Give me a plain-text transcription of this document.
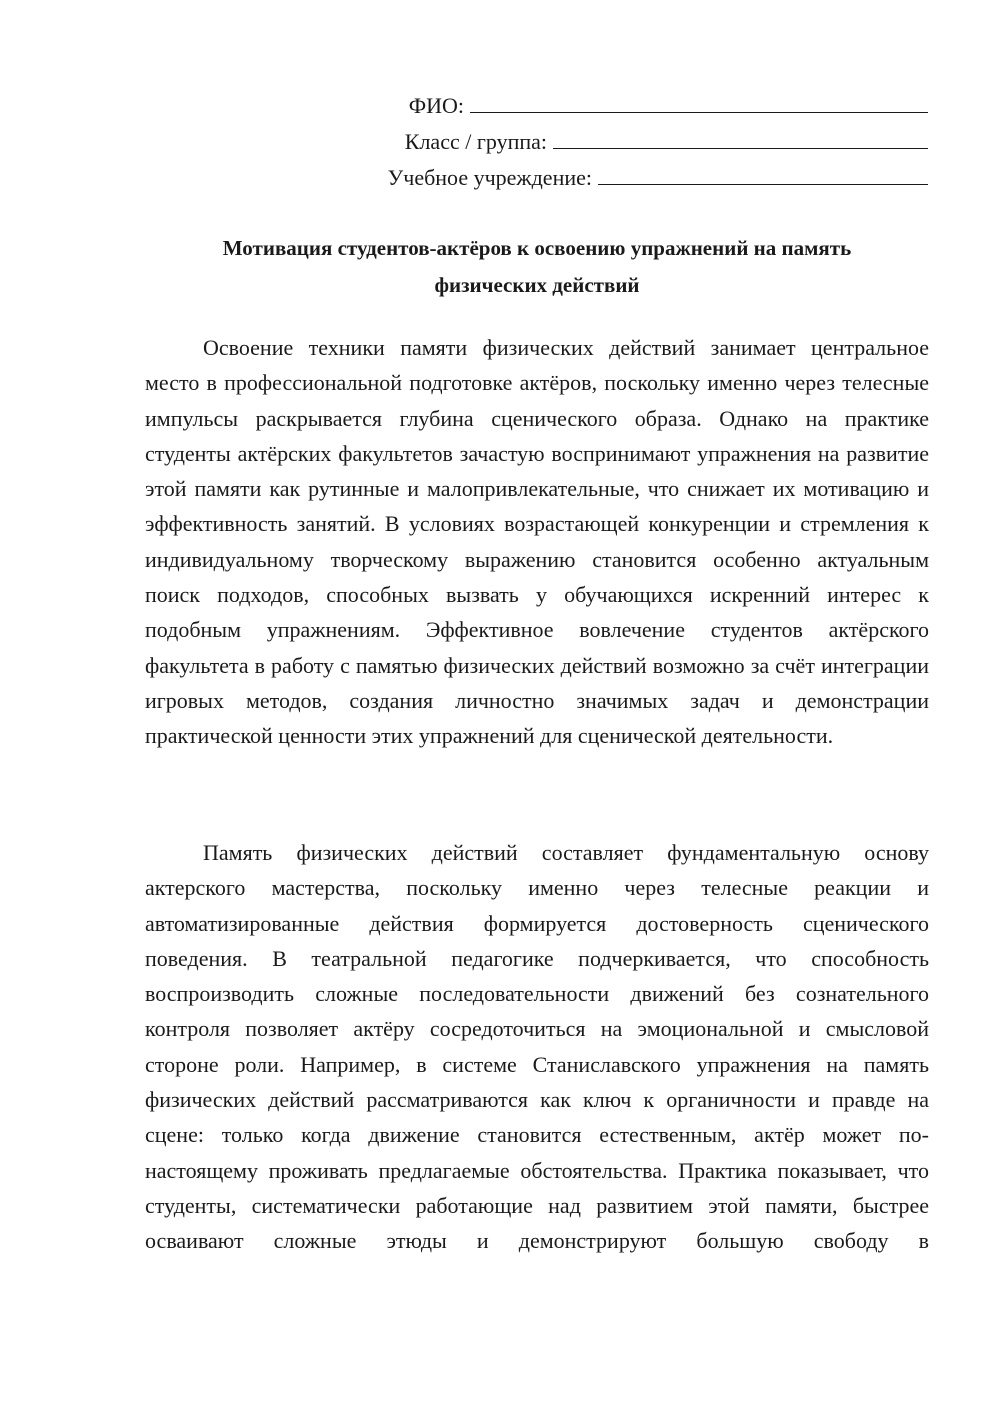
ФИО:
Класс / группа:
Учебное учреждение:
Мотивация студентов-актёров к освоению упражнений на память
физических действий

Освоение техники памяти физических действий занимает центральное место в профессиональной подготовке актёров, поскольку именно через телесные импульсы раскрывается глубина сценического образа. Однако на практике студенты актёрских факультетов зачастую воспринимают упражнения на развитие этой памяти как рутинные и малопривлекательные, что снижает их мотивацию и эффективность занятий. В условиях возрастающей конкуренции и стремления к индивидуальному творческому выражению становится особенно актуальным поиск подходов, способных вызвать у обучающихся искренний интерес к подобным упражнениям. Эффективное вовлечение студентов актёрского факультета в работу с памятью физических действий возможно за счёт интеграции игровых методов, создания личностно значимых задач и демонстрации практической ценности этих упражнений для сценической деятельности.

Память физических действий составляет фундаментальную основу актерского мастерства, поскольку именно через телесные реакции и автоматизированные действия формируется достоверность сценического поведения. В театральной педагогике подчеркивается, что способность воспроизводить сложные последовательности движений без сознательного контроля позволяет актёру сосредоточиться на эмоциональной и смысловой стороне роли. Например, в системе Станиславского упражнения на память физических действий рассматриваются как ключ к органичности и правде на сцене: только когда движение становится естественным, актёр может по-настоящему проживать предлагаемые обстоятельства. Практика показывает, что студенты, систематически работающие над развитием этой памяти, быстрее осваивают сложные этюды и демонстрируют большую свободу в
